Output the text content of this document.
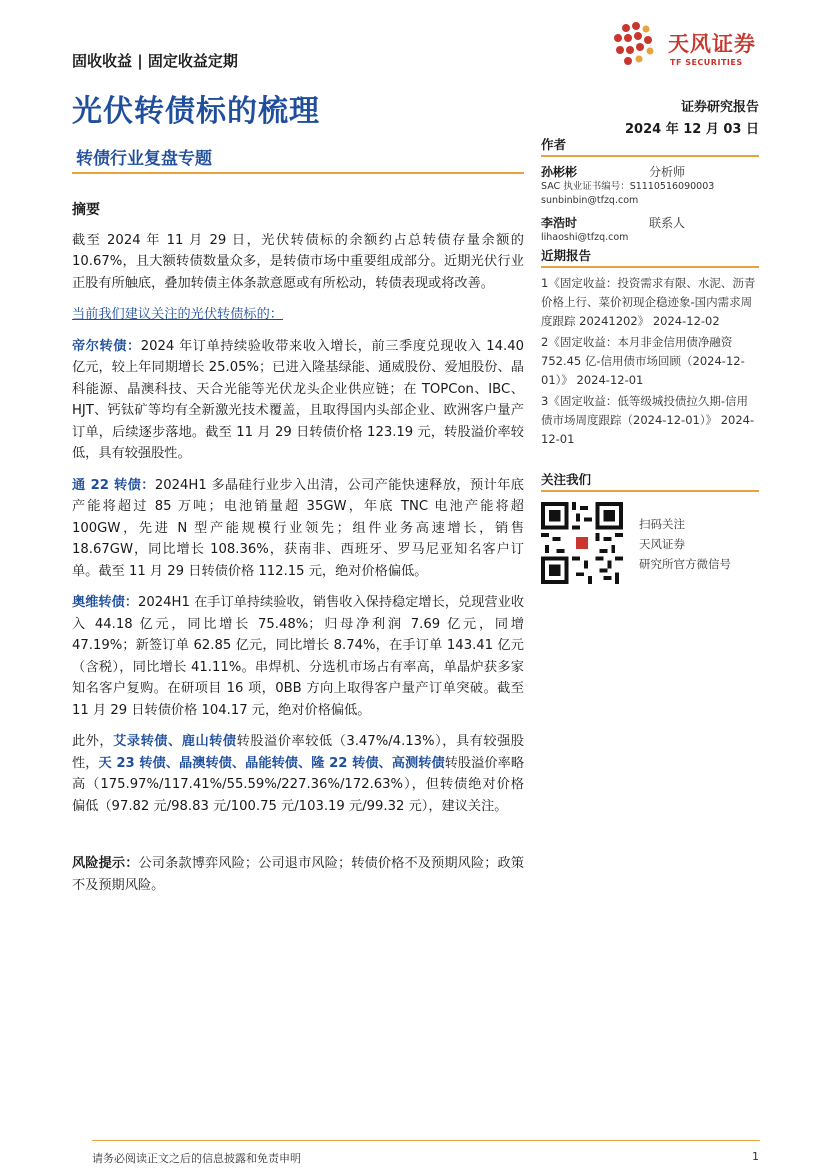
固收收益 | 固定收益定期
光伏转债标的梳理
转债行业复盘专题
天风证券
TF SECURITIES
证券研究报告
2024 年 12 月 03 日
摘要

截至 2024 年 11 月 29 日，光伏转债标的余额约占总转债存量余额的 10.67%，且大额转债数量众多，是转债市场中重要组成部分。近期光伏行业正股有所触底，叠加转债主体条款意愿或有所松动，转债表现或将改善。

当前我们建议关注的光伏转债标的：

帝尔转债：2024 年订单持续验收带来收入增长，前三季度兑现收入 14.40 亿元，较上年同期增长 25.05%；已进入隆基绿能、通威股份、爱旭股份、晶科能源、晶澳科技、天合光能等光伏龙头企业供应链；在 TOPCon、IBC、HJT、钙钛矿等均有全新激光技术覆盖，且取得国内头部企业、欧洲客户量产订单，后续逐步落地。截至 11 月 29 日转债价格 123.19 元，转股溢价率较低，具有较强股性。

通 22 转债：2024H1 多晶硅行业步入出清，公司产能快速释放，预计年底产能将超过 85 万吨；电池销量超 35GW，年底 TNC 电池产能将超 100GW，先进 N 型产能规模行业领先；组件业务高速增长，销售 18.67GW，同比增长 108.36%，获南非、西班牙、罗马尼亚知名客户订单。截至 11 月 29 日转债价格 112.15 元，绝对价格偏低。

奥维转债：2024H1 在手订单持续验收，销售收入保持稳定增长，兑现营业收入 44.18 亿元，同比增长 75.48%；归母净利润 7.69 亿元，同增 47.19%；新签订单 62.85 亿元，同比增长 8.74%，在手订单 143.41 亿元（含税），同比增长 41.11%。串焊机、分选机市场占有率高，单晶炉获多家知名客户复购。在研项目 16 项，0BB 方向上取得客户量产订单突破。截至 11 月 29 日转债价格 104.17 元，绝对价格偏低。

此外，艾录转债、鹿山转债转股溢价率较低（3.47%/4.13%），具有较强股性，天 23 转债、晶澳转债、晶能转债、隆 22 转债、高测转债转股溢价率略高（175.97%/117.41%/55.59%/227.36%/172.63%），但转债绝对价格偏低（97.82 元/98.83 元/100.75 元/103.19 元/99.32 元），建议关注。

风险提示：公司条款博弈风险；公司退市风险；转债价格不及预期风险；政策不及预期风险。

作者
孙彬彬	分析师
SAC 执业证书编号：S1110516090003
sunbinbin@tfzq.com
李浩时	联系人
lihaoshi@tfzq.com
近期报告
1《固定收益：投资需求有限、水泥、沥青价格上行、菜价初现企稳迹象-国内需求周度跟踪 20241202》 2024-12-02
2《固定收益：本月非金信用债净融资 752.45 亿-信用债市场回顾（2024-12-01）》 2024-12-01
3《固定收益：低等级城投债拉久期-信用债市场周度跟踪（2024-12-01）》 2024-12-01
关注我们
扫码关注
天风证券
研究所官方微信号
请务必阅读正文之后的信息披露和免责申明	1
